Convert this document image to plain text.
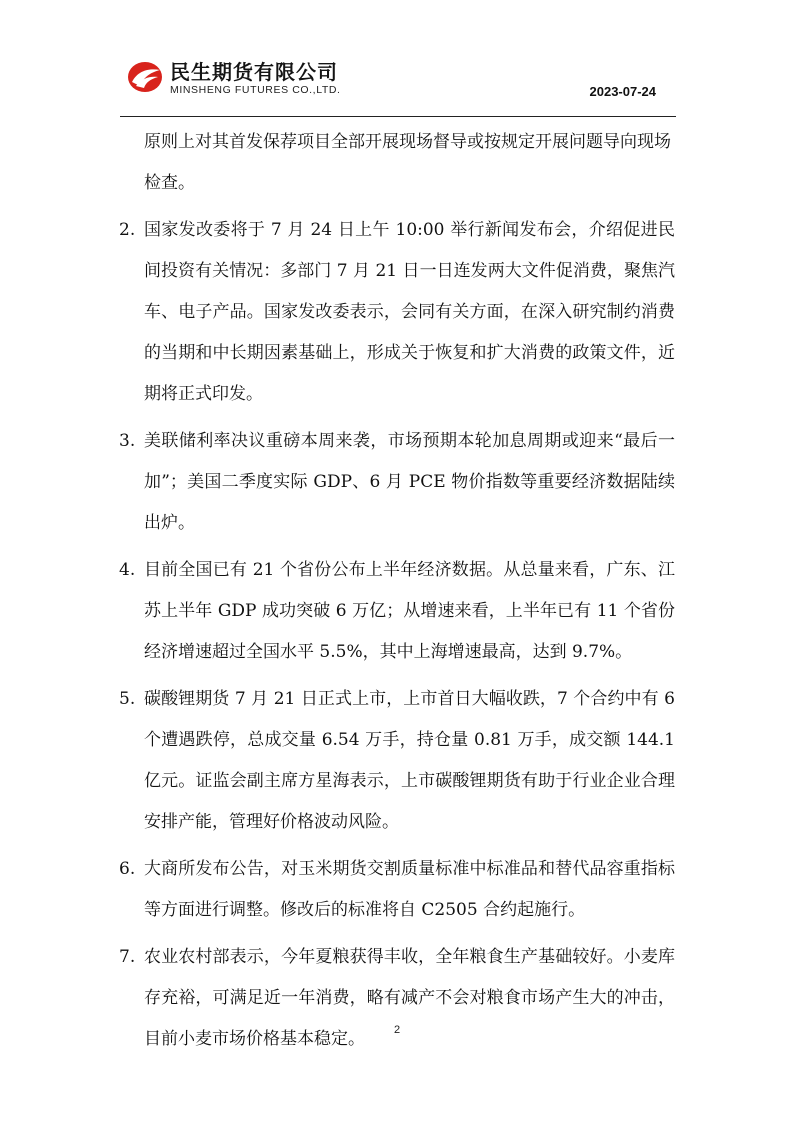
民生期货有限公司
MINSHENG FUTURES CO.,LTD.	2023-07-24

原则上对其首发保荐项目全部开展现场督导或按规定开展问题导向现场检查。

2. 国家发改委将于 7 月 24 日上午 10:00 举行新闻发布会，介绍促进民间投资有关情况：多部门 7 月 21 日一日连发两大文件促消费，聚焦汽车、电子产品。国家发改委表示，会同有关方面，在深入研究制约消费的当期和中长期因素基础上，形成关于恢复和扩大消费的政策文件，近期将正式印发。
3. 美联储利率决议重磅本周来袭，市场预期本轮加息周期或迎来“最后一加”；美国二季度实际 GDP、6 月 PCE 物价指数等重要经济数据陆续出炉。
4. 目前全国已有 21 个省份公布上半年经济数据。从总量来看，广东、江苏上半年 GDP 成功突破 6 万亿；从增速来看，上半年已有 11 个省份经济增速超过全国水平 5.5%，其中上海增速最高，达到 9.7%。
5. 碳酸锂期货 7 月 21 日正式上市，上市首日大幅收跌，7 个合约中有 6 个遭遇跌停，总成交量 6.54 万手，持仓量 0.81 万手，成交额 144.1 亿元。证监会副主席方星海表示，上市碳酸锂期货有助于行业企业合理安排产能，管理好价格波动风险。
6. 大商所发布公告，对玉米期货交割质量标准中标准品和替代品容重指标等方面进行调整。修改后的标准将自 C2505 合约起施行。
7. 农业农村部表示，今年夏粮获得丰收，全年粮食生产基础较好。小麦库存充裕，可满足近一年消费，略有减产不会对粮食市场产生大的冲击，目前小麦市场价格基本稳定。	2
